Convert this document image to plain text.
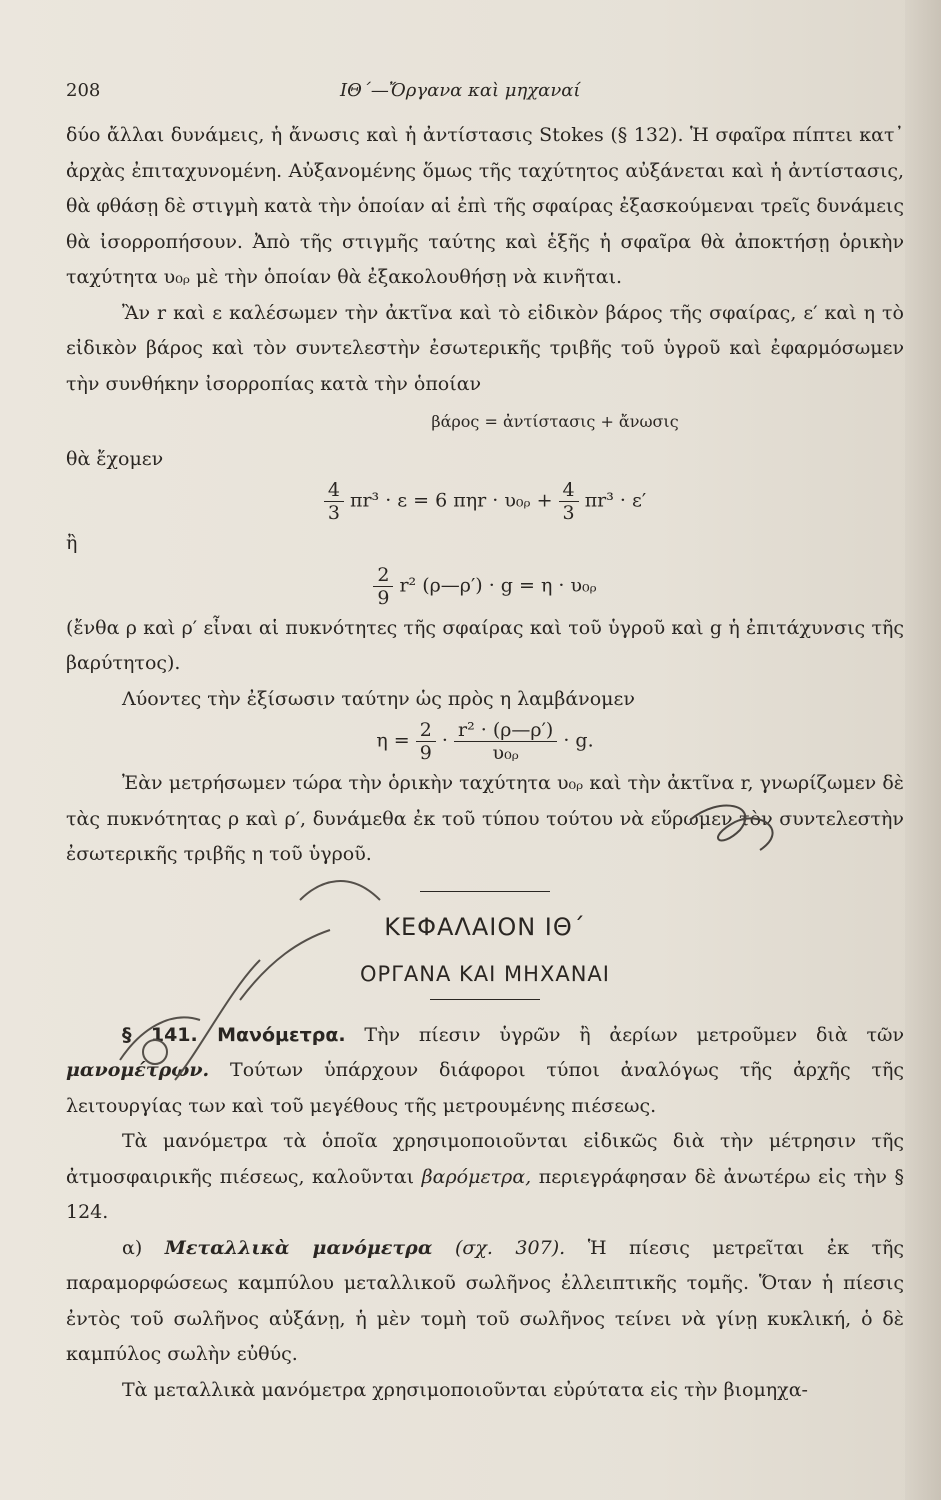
208	ΙΘ΄—Ὄργανα καὶ μηχαναί

δύο ἄλλαι δυνάμεις, ἡ ἄνωσις καὶ ἡ ἀντίστασις Stokes (§ 132). Ἡ σφαῖρα πίπτει κατ᾽ ἀρχὰς ἐπιταχυνομένη. Αὐξανομένης ὅμως τῆς ταχύτητος αὐξάνεται καὶ ἡ ἀντίστασις, θὰ φθάσῃ δὲ στιγμὴ κατὰ τὴν ὁποίαν αἱ ἐπὶ τῆς σφαίρας ἐξασκούμεναι τρεῖς δυνάμεις θὰ ἰσορροπήσουν. Ἀπὸ τῆς στιγμῆς ταύτης καὶ ἑξῆς ἡ σφαῖρα θὰ ἀποκτήσῃ ὁρικὴν ταχύτητα υ₀ᵨ μὲ τὴν ὁποίαν θὰ ἐξακολουθήσῃ νὰ κινῆται.

Ἂν r καὶ ε καλέσωμεν τὴν ἀκτῖνα καὶ τὸ εἰδικὸν βάρος τῆς σφαίρας, ε′ καὶ η τὸ εἰδικὸν βάρος καὶ τὸν συντελεστὴν ἐσωτερικῆς τριβῆς τοῦ ὑγροῦ καὶ ἐφαρμόσωμεν τὴν συνθήκην ἰσορροπίας κατὰ τὴν ὁποίαν

βάρος = ἀντίστασις + ἄνωσις
θὰ ἔχομεν
$\frac{4}{3} \pi r^3 \cdot \varepsilon = 6$ πηr · υ₀ᵨ + $\frac{4}{3} \pi r^3 \cdot \varepsilon'$
ἢ
$\frac{2}{9} r^2$ (ρ—ρ′) · g = η · υ₀ᵨ

(ἔνθα ρ καὶ ρ′ εἶναι αἱ πυκνότητες τῆς σφαίρας καὶ τοῦ ὑγροῦ καὶ g ἡ ἐπιτάχυνσις τῆς βαρύτητος).

Λύοντες τὴν ἐξίσωσιν ταύτην ὡς πρὸς η λαμβάνομεν

$\eta = \frac{2}{9} \cdot \frac{\text{r² · (ρ—ρ′)}}{\text{υ₀ᵨ}} \cdot g$.

Ἐὰν μετρήσωμεν τώρα τὴν ὁρικὴν ταχύτητα υ₀ᵨ καὶ τὴν ἀκτῖνα r, γνωρίζωμεν δὲ τὰς πυκνότητας ρ καὶ ρ′, δυνάμεθα ἐκ τοῦ τύπου τούτου νὰ εὕρωμεν τὸν συντελεστὴν ἐσωτερικῆς τριβῆς η τοῦ ὑγροῦ.

ΚΕΦΑΛΑΙΟΝ ΙΘ΄
ΟΡΓΑΝΑ ΚΑΙ ΜΗΧΑΝΑΙ

§ 141. Μανόμετρα. Τὴν πίεσιν ὑγρῶν ἢ ἀερίων μετροῦμεν διὰ τῶν μανομέτρων. Τούτων ὑπάρχουν διάφοροι τύποι ἀναλόγως τῆς ἀρχῆς τῆς λειτουργίας των καὶ τοῦ μεγέθους τῆς μετρουμένης πιέσεως.

Τὰ μανόμετρα τὰ ὁποῖα χρησιμοποιοῦνται εἰδικῶς διὰ τὴν μέτρησιν τῆς ἀτμοσφαιρικῆς πιέσεως, καλοῦνται βαρόμετρα, περιεγράφησαν δὲ ἀνωτέρω εἰς τὴν § 124.

α) Μεταλλικὰ μανόμετρα (σχ. 307). Ἡ πίεσις μετρεῖται ἐκ τῆς παραμορφώσεως καμπύλου μεταλλικοῦ σωλῆνος ἐλλειπτικῆς τομῆς. Ὅταν ἡ πίεσις ἐντὸς τοῦ σωλῆνος αὐξάνῃ, ἡ μὲν τομὴ τοῦ σωλῆνος τείνει νὰ γίνῃ κυκλική, ὁ δὲ καμπύλος σωλὴν εὐθύς.

Τὰ μεταλλικὰ μανόμετρα χρησιμοποιοῦνται εὐρύτατα εἰς τὴν βιομηχα-
